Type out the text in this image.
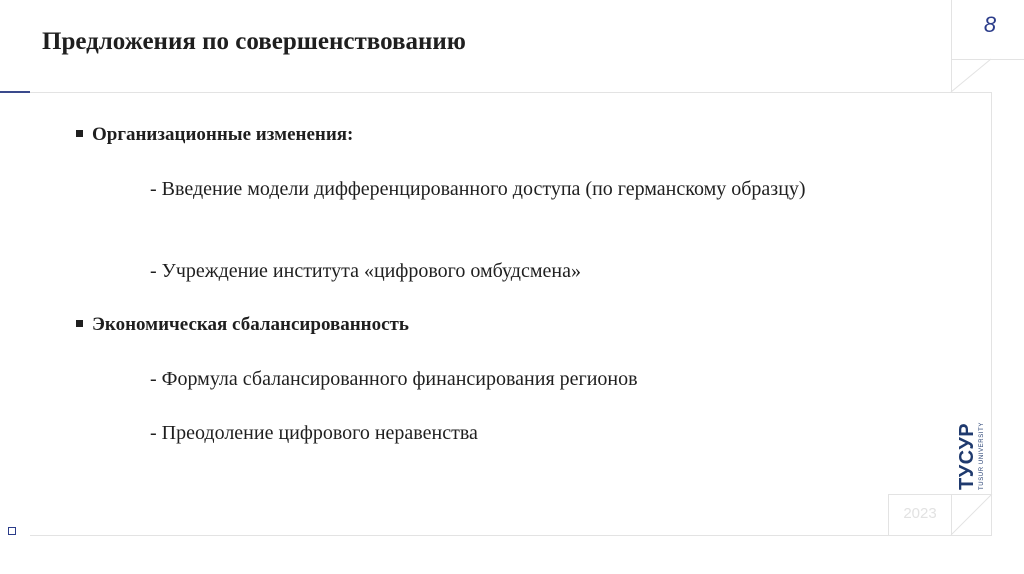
8
Предложения по совершенствованию

Организационные изменения:

- Введение модели дифференцированного доступа (по германскому образцу)

- Учреждение института «цифрового омбудсмена»

Экономическая сбалансированность

- Формула сбалансированного финансирования регионов

- Преодоление цифрового неравенства	ТУСУР TUSUR UNIVERSITY
2023
